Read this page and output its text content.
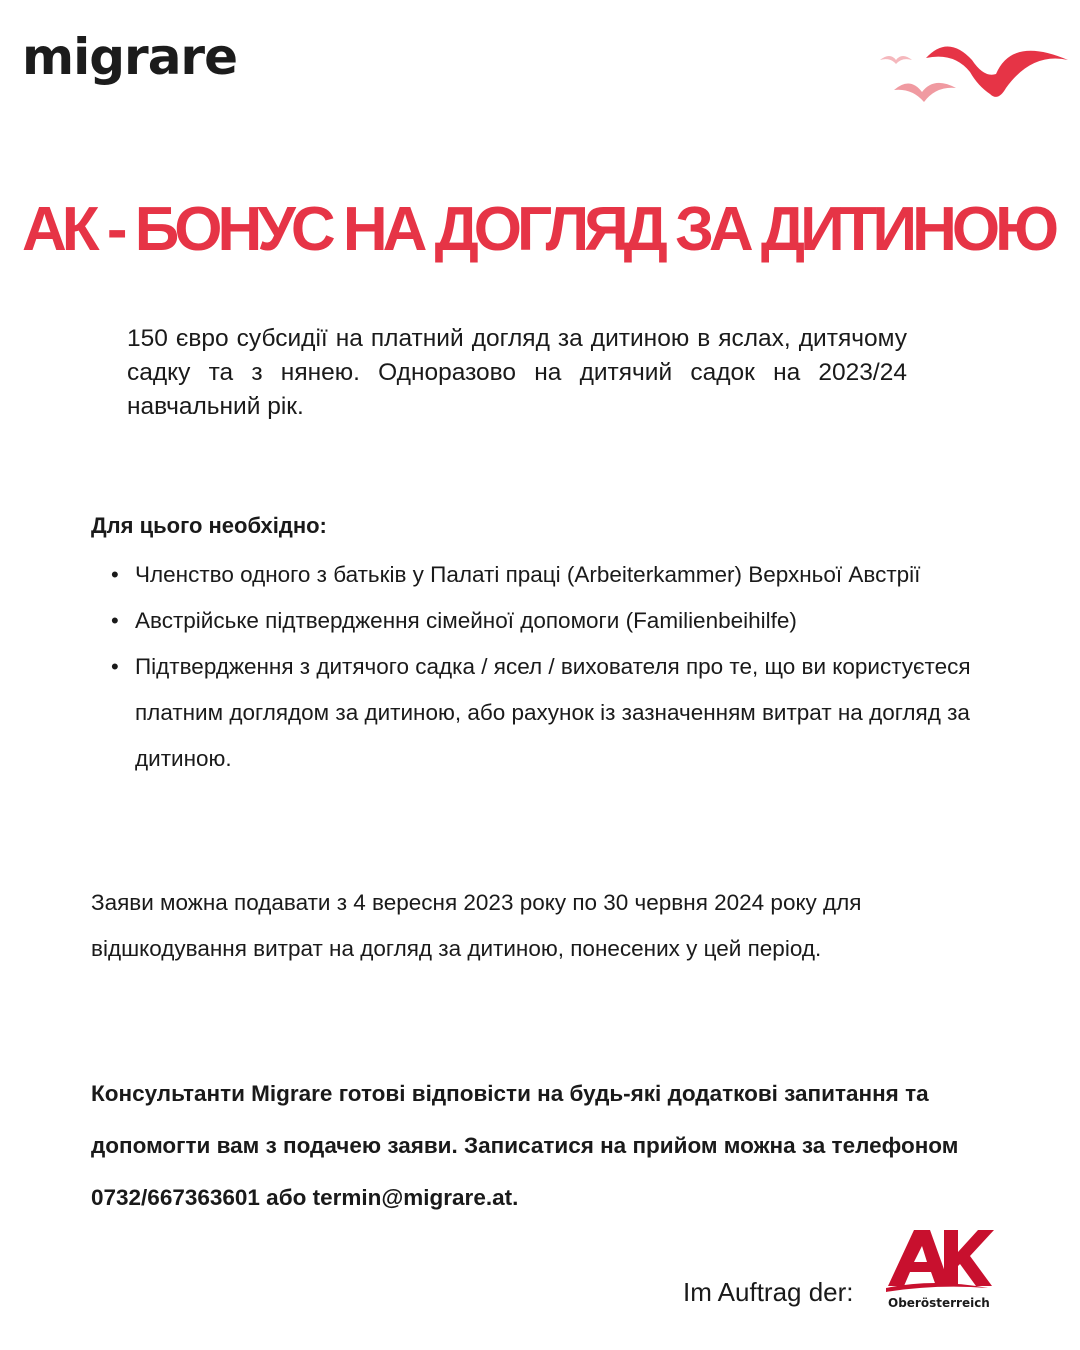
migrare
АК - БОНУС НА ДОГЛЯД ЗА ДИТИНОЮ

150 євро субсидії на платний догляд за дитиною в яслах, дитячому садку та з нянею. Одноразово на дитячий садок на 2023/24 навчальний рік.

Для цього необхідно:

• Членство одного з батьків у Палаті праці (Arbeiterkammer) Верхньої Австрії
• Австрійське підтвердження сімейної допомоги (Familienbeihilfe)
• Підтвердження з дитячого садка / ясел / вихователя про те, що ви користуєтеся платним доглядом за дитиною, або рахунок із зазначенням витрат на догляд за дитиною.

Заяви можна подавати з 4 вересня 2023 року по 30 червня 2024 року для відшкодування витрат на догляд за дитиною, понесених у цей період.

Консультанти Migrare готові відповісти на будь-які додаткові запитання та допомогти вам з подачею заяви. Записатися на прийом можна за телефоном 0732/667363601 або termin@migrare.at.

Im Auftrag der:	Oberösterreich
